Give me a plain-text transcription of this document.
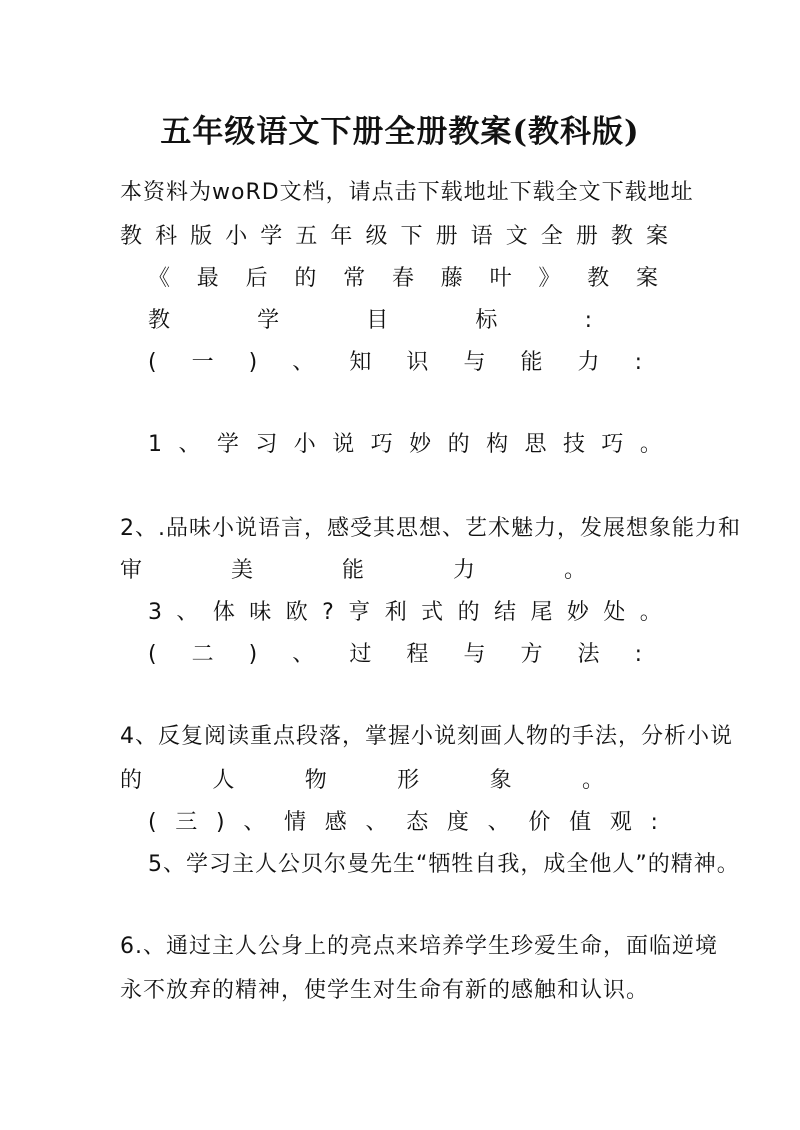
五年级语文下册全册教案(教科版)
本资料为woRD文档，请点击下载地址下载全文下载地址
教 科 版 小 学 五 年 级 下 册 语 文 全 册 教 案
《 最 后 的 常 春 藤 叶 》 教 案
教	学	目	标	:
( 一 ) 、 知 识 与 能 力 :
1 、 学 习 小 说 巧 妙 的 构 思 技 巧 。
2、.品味小说语言，感受其思想、艺术魅力，发展想象能力和
审	美	能	力	。
3 、 体 味 欧 ? 亨 利 式 的 结 尾 妙 处 。
( 二 ) 、 过 程 与 方 法 :
4、反复阅读重点段落，掌握小说刻画人物的手法，分析小说
的	人	物	形	象	。
( 三 ) 、 情 感 、 态 度 、 价 值 观 :
5、学习主人公贝尔曼先生“牺牲自我，成全他人”的精神。
6.、通过主人公身上的亮点来培养学生珍爱生命，面临逆境
永不放弃的精神，使学生对生命有新的感触和认识。
